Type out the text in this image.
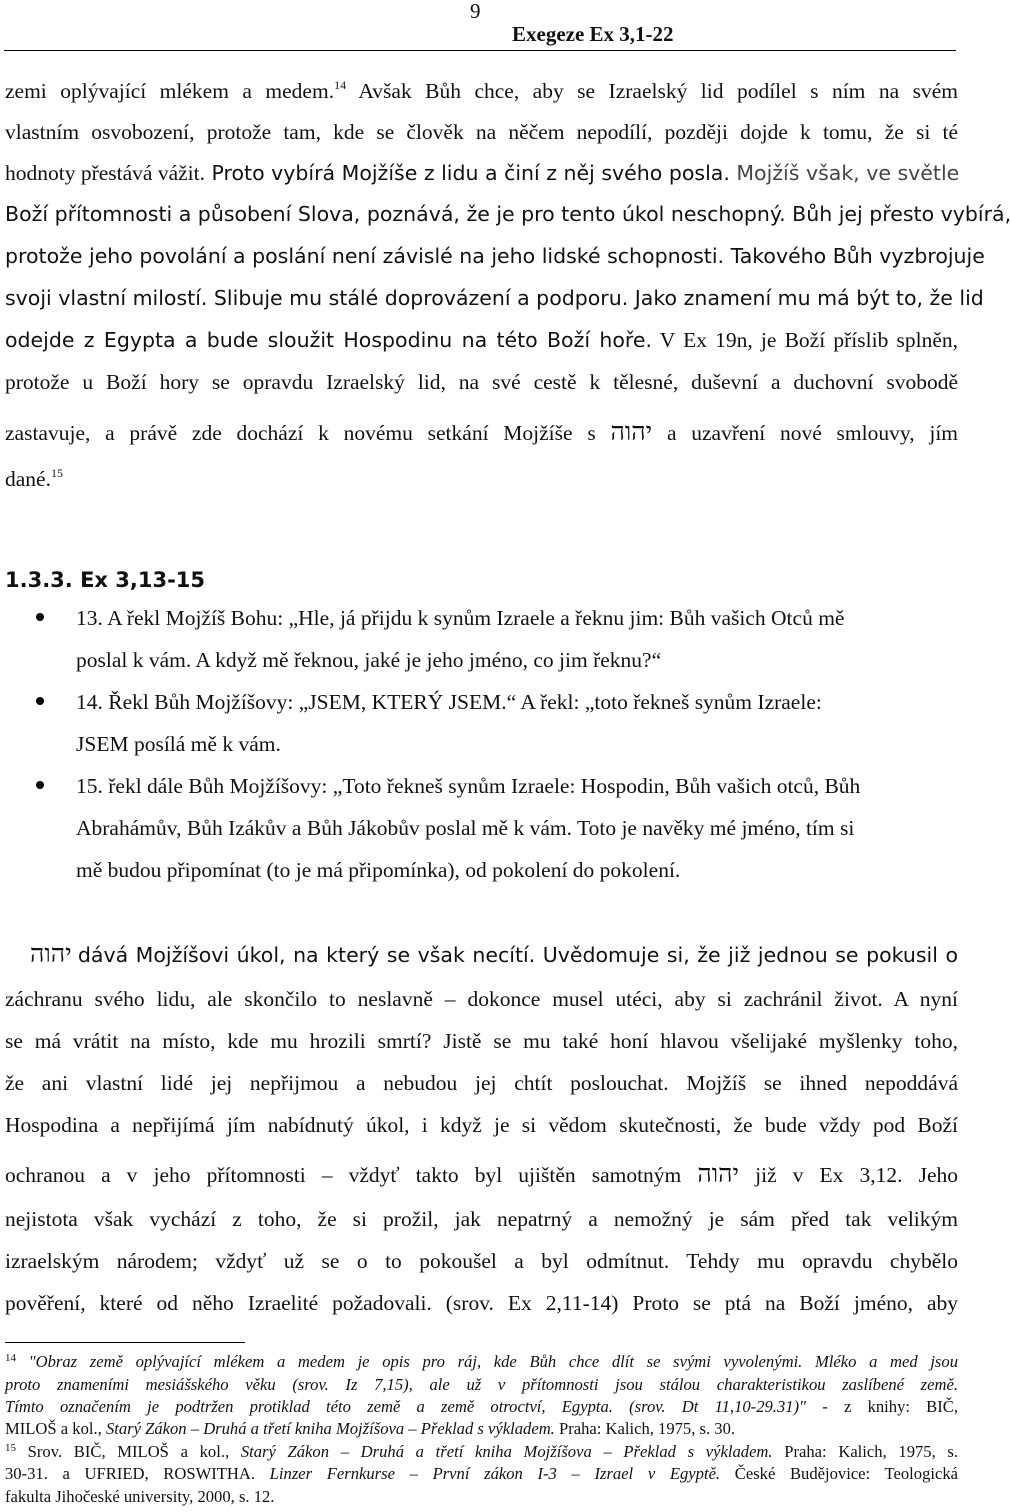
9
Exegeze Ex 3,1-22
zemi oplývající mlékem a medem.$^{14}$ Avšak Bůh chce, aby se Izraelský lid podílel s ním na svém
vlastním osvobození, protože tam, kde se člověk na něčem nepodílí, později dojde k tomu, že si té
hodnoty přestává vážit. Proto vybírá Mojžíše z lidu a činí z něj svého posla. Mojžíš však, ve světle
Boží přítomnosti a působení Slova, poznává, že je pro tento úkol neschopný. Bůh jej přesto vybírá,
protože jeho povolání a poslání není závislé na jeho lidské schopnosti. Takového Bůh vyzbrojuje
svoji vlastní milostí. Slibuje mu stálé doprovázení a podporu. Jako znamení mu má být to, že lid
odejde z Egypta a bude sloužit Hospodinu na této Boží hoře. V Ex 19n, je Boží příslib splněn,
protože u Boží hory se opravdu Izraelský lid, na své cestě k tělesné, duševní a duchovní svobodě
zastavuje, a právě zde dochází k novému setkání Mojžíše s יהוה a uzavření nové smlouvy, jím
dané.$^{15}$
1.3.3. Ex 3,13-15
13. A řekl Mojžíš Bohu: „Hle, já přijdu k synům Izraele a řeknu jim: Bůh vašich Otců mě
poslal k vám. A když mě řeknou, jaké je jeho jméno, co jim řeknu?“
14. Řekl Bůh Mojžíšovy: „JSEM, KTERÝ JSEM.“ A řekl: „toto řekneš synům Izraele:
JSEM posílá mě k vám.
15. řekl dále Bůh Mojžíšovy: „Toto řekneš synům Izraele: Hospodin, Bůh vašich otců, Bůh
Abrahámův, Bůh Izákův a Bůh Jákobův poslal mě k vám. Toto je navěky mé jméno, tím si
mě budou připomínat (to je má připomínka), od pokolení do pokolení.
יהוה dává Mojžíšovi úkol, na který se však necítí. Uvědomuje si, že již jednou se pokusil o
záchranu svého lidu, ale skončilo to neslavně – dokonce musel utéci, aby si zachránil život. A nyní
se má vrátit na místo, kde mu hrozili smrtí? Jistě se mu také honí hlavou všelijaké myšlenky toho,
že ani vlastní lidé jej nepřijmou a nebudou jej chtít poslouchat. Mojžíš se ihned nepoddává
Hospodina a nepřijímá jím nabídnutý úkol, i když je si vědom skutečnosti, že bude vždy pod Boží
ochranou a v jeho přítomnosti – vždyť takto byl ujištěn samotným יהוה již v Ex 3,12. Jeho
nejistota však vychází z toho, že si prožil, jak nepatrný a nemožný je sám před tak velikým
izraelským národem; vždyť už se o to pokoušel a byl odmítnut. Tehdy mu opravdu chybělo
pověření, které od něho Izraelité požadovali. (srov. Ex 2,11-14) Proto se ptá na Boží jméno, aby
$^{14}$ "Obraz země oplývající mlékem a medem je opis pro ráj, kde Bůh chce dlít se svými vyvolenými. Mléko a med jsou
proto znameními mesiášského věku (srov. Iz 7,15), ale už v přítomnosti jsou stálou charakteristikou zaslíbené země.
Tímto označením je podtržen protiklad této země a země otroctví, Egypta. (srov. Dt 11,10-29.31)" - z knihy: BIČ,
MILOŠ a kol., Starý Zákon – Druhá a třetí kniha Mojžíšova – Překlad s výkladem. Praha: Kalich, 1975, s. 30.
$^{15}$ Srov. BIČ, MILOŠ a kol., Starý Zákon – Druhá a třetí kniha Mojžíšova – Překlad s výkladem. Praha: Kalich, 1975, s.
30-31. a UFRIED, ROSWITHA. Linzer Fernkurse – První zákon I-3 – Izrael v Egyptě. České Budějovice: Teologická
fakulta Jihočeské university, 2000, s. 12.
